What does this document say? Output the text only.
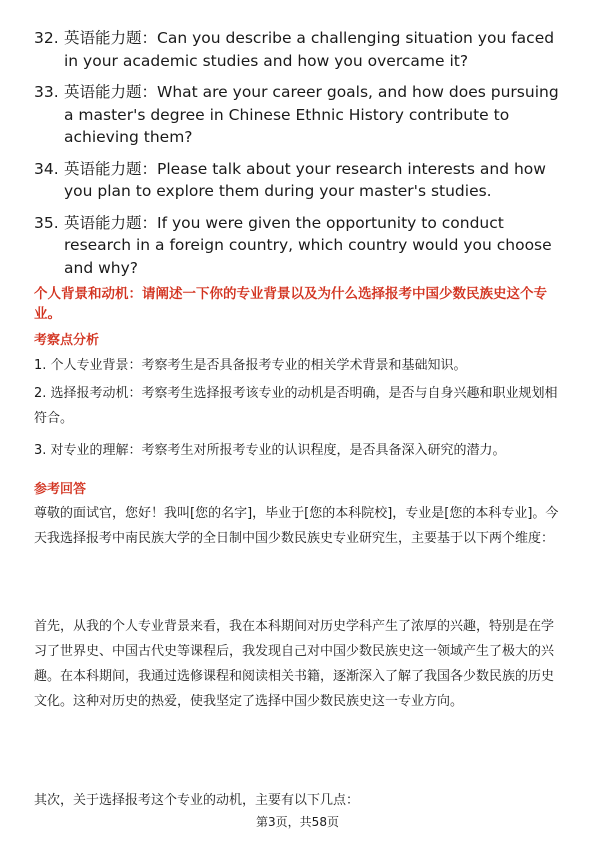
32. 英语能力题：Can you describe a challenging situation you faced in your academic studies and how you overcame it?
33. 英语能力题：What are your career goals, and how does pursuing a master's degree in Chinese Ethnic History contribute to achieving them?
34. 英语能力题：Please talk about your research interests and how you plan to explore them during your master's studies.
35. 英语能力题：If you were given the opportunity to conduct research in a foreign country, which country would you choose and why?
个人背景和动机：请阐述一下你的专业背景以及为什么选择报考中国少数民族史这个专业。
考察点分析
1. 个人专业背景：考察考生是否具备报考专业的相关学术背景和基础知识。
2. 选择报考动机：考察考生选择报考该专业的动机是否明确，是否与自身兴趣和职业规划相符合。
3. 对专业的理解：考察考生对所报考专业的认识程度，是否具备深入研究的潜力。
参考回答
尊敬的面试官，您好！我叫[您的名字]，毕业于[您的本科院校]，专业是[您的本科专业]。今天我选择报考中南民族大学的全日制中国少数民族史专业研究生，主要基于以下两个维度：
首先，从我的个人专业背景来看，我在本科期间对历史学科产生了浓厚的兴趣，特别是在学习了世界史、中国古代史等课程后，我发现自己对中国少数民族史这一领域产生了极大的兴趣。在本科期间，我通过选修课程和阅读相关书籍，逐渐深入了解了我国各少数民族的历史文化。这种对历史的热爱，使我坚定了选择中国少数民族史这一专业方向。
其次，关于选择报考这个专业的动机，主要有以下几点：
第3页，共58页
